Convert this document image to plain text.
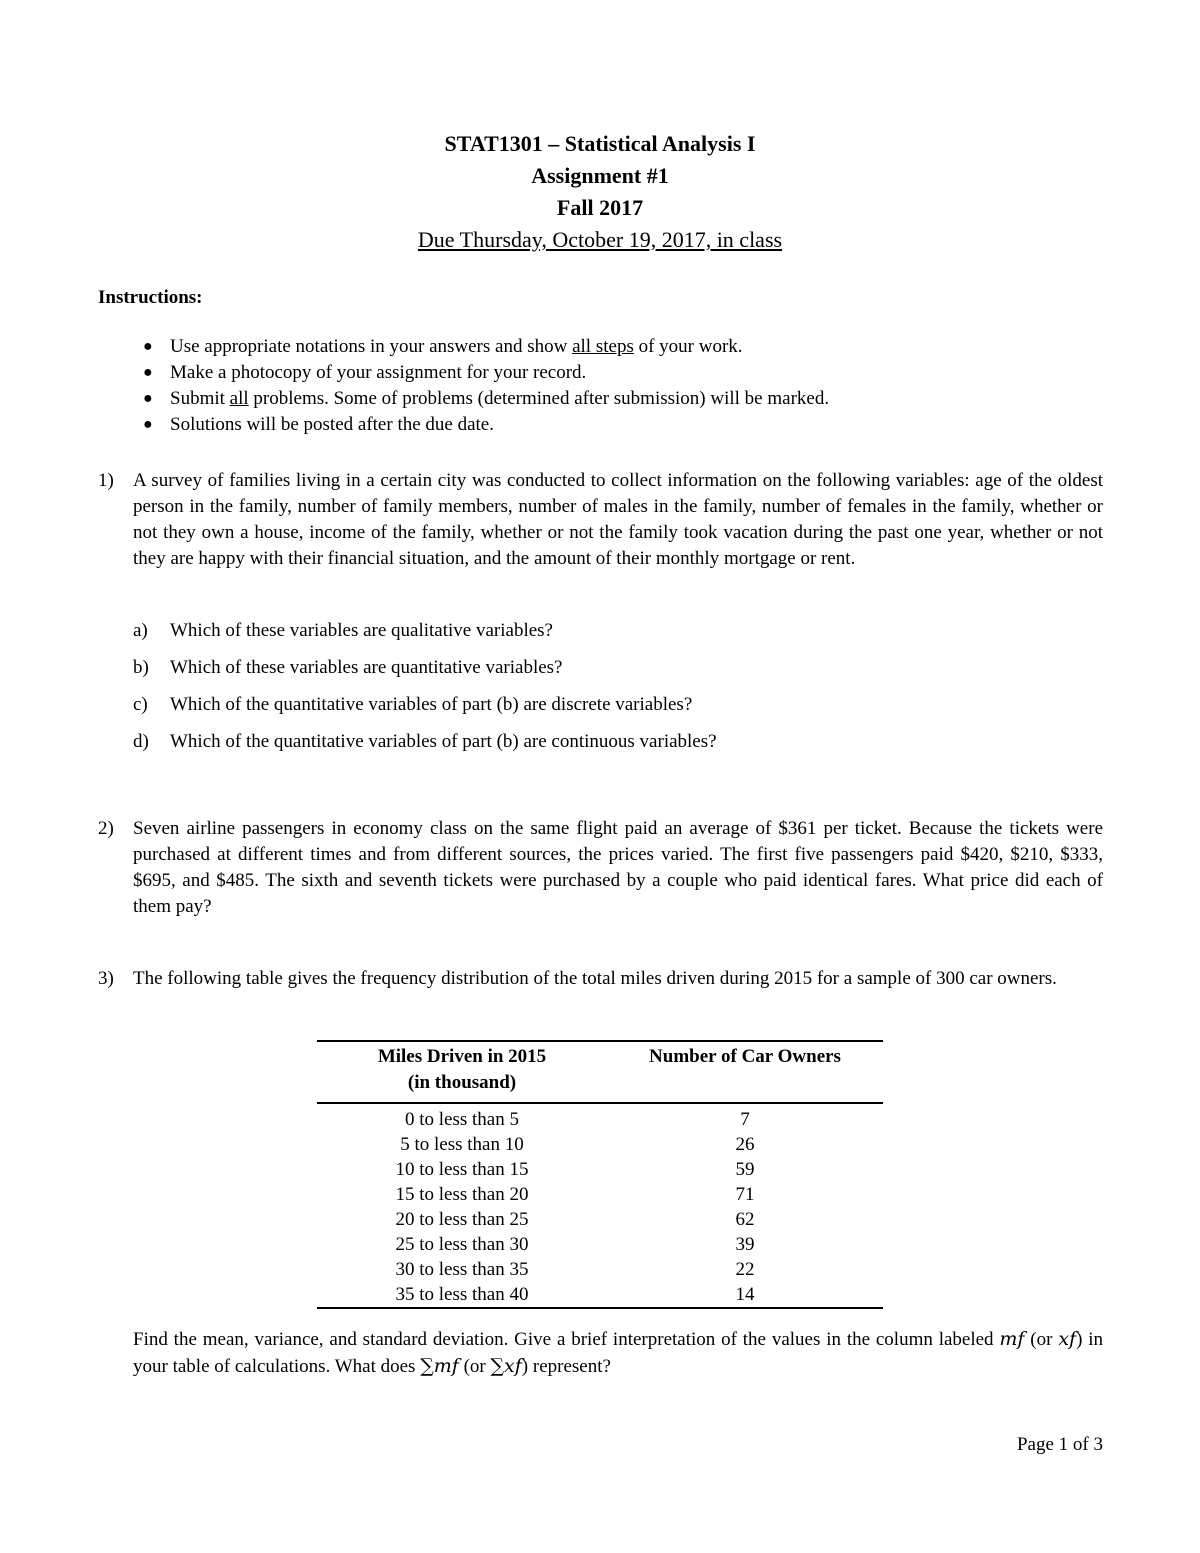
STAT1301 – Statistical Analysis I
Assignment #1
Fall 2017
Due Thursday, October 19, 2017, in class
Instructions:
● Use appropriate notations in your answers and show all steps of your work.
● Make a photocopy of your assignment for your record.
● Submit all problems. Some of problems (determined after submission) will be marked.
● Solutions will be posted after the due date.
1) A survey of families living in a certain city was conducted to collect information on the following variables: age of the oldest person in the family, number of family members, number of males in the family, number of females in the family, whether or not they own a house, income of the family, whether or not the family took vacation during the past one year, whether or not they are happy with their financial situation, and the amount of their monthly mortgage or rent.
a) Which of these variables are qualitative variables?
b) Which of these variables are quantitative variables?
c) Which of the quantitative variables of part (b) are discrete variables?
d) Which of the quantitative variables of part (b) are continuous variables?
2) Seven airline passengers in economy class on the same flight paid an average of $361 per ticket. Because the tickets were purchased at different times and from different sources, the prices varied. The first five passengers paid $420, $210, $333, $695, and $485. The sixth and seventh tickets were purchased by a couple who paid identical fares. What price did each of them pay?
3) The following table gives the frequency distribution of the total miles driven during 2015 for a sample of 300 car owners.
Miles Driven in 2015
(in thousand)	Number of Car Owners
0 to less than 5	7
5 to less than 10	26
10 to less than 15	59
15 to less than 20	71
20 to less than 25	62
25 to less than 30	39
30 to less than 35	22
35 to less than 40	14
Find the mean, variance, and standard deviation. Give a brief interpretation of the values in the column labeled mf (or xf) in your table of calculations. What does ∑mf (or ∑xf) represent?
Page 1 of 3
